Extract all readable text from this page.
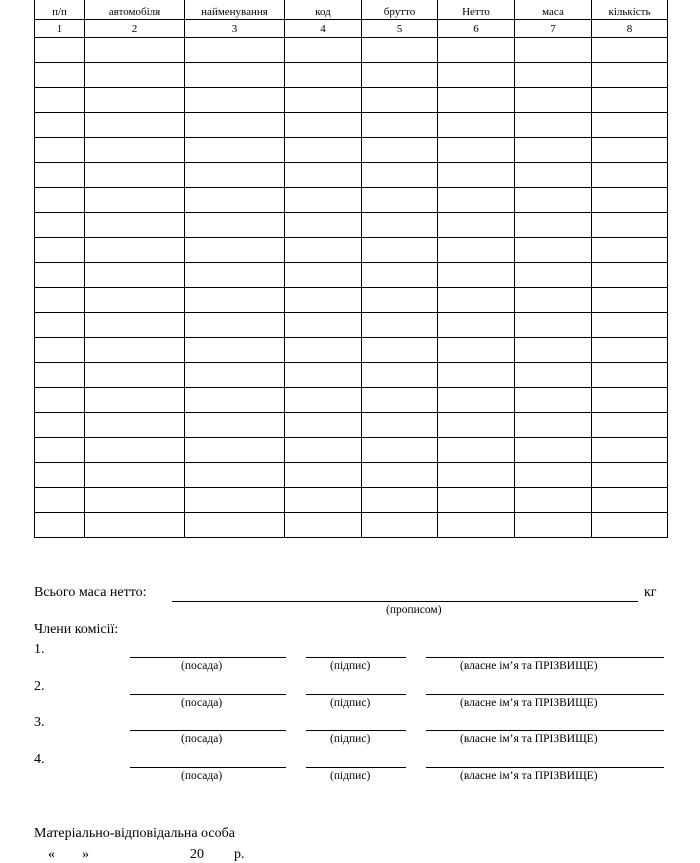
п/п	автомобіля	найменування	код	брутто	Нетто	маса	кількість
1	2	3	4	5	6	7	8

Всього маса нетто:	кг
(прописом)
Члени комісії:
1.
(посада)	(підпис)	(власне ім’я та ПРІЗВИЩЕ)
2.
(посада)	(підпис)	(власне ім’я та ПРІЗВИЩЕ)
3.
(посада)	(підпис)	(власне ім’я та ПРІЗВИЩЕ)
4.
(посада)	(підпис)	(власне ім’я та ПРІЗВИЩЕ)
Матеріально-відповідальна особа
« »	20 р.
